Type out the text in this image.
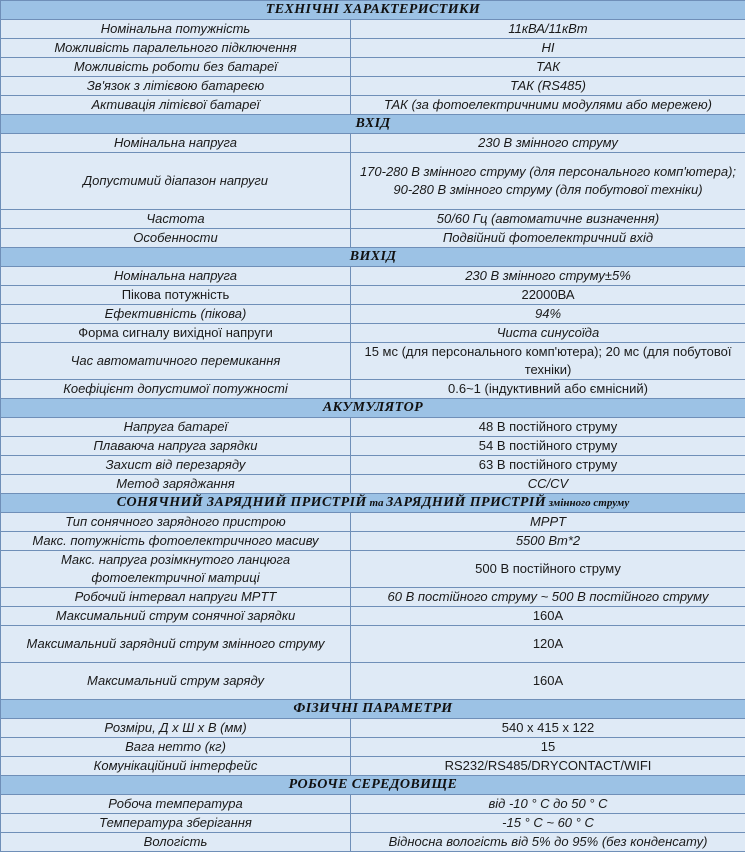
ТЕХНІЧНІ ХАРАКТЕРИСТИКИ	
Номінальна потужність	11кВА/11кВт
Можливість паралельного підключення	НІ
Можливість роботи без батареї	ТАК
Зв'язок з літієвою батареєю	ТАК (RS485)
Активація літієвої батареї	ТАК (за фотоелектричними модулями або мережею)
ВХІД	
Номінальна напруга	230 В змінного струму
Допустимий діапазон напруги	170-280 В змінного струму (для персонального комп'ютера); 90-280 В змінного струму (для побутової техніки)
Частота	50/60 Гц (автоматичне визначення)
Особенности	Подвійний фотоелектричний вхід
ВИХІД	
Номінальна напруга	230 В змінного струму±5%
Пікова потужність	22000ВА
Ефективність (пікова)	94%
Форма сигналу вихідної напруги	Чиста синусоїда
Час автоматичного перемикання	15 мс (для персонального комп'ютера); 20 мс (для побутової техніки)
Коефіцієнт допустимої потужності	0.6~1 (індуктивний або ємнісний)
АКУМУЛЯТОР	
Напруга батареї	48 В постійного струму
Плаваюча напруга зарядки	54 В постійного струму
Захист від перезаряду	63 В постійного струму
Метод заряджання	CC/CV
СОНЯЧНИЙ ЗАРЯДНИЙ ПРИСТРІЙ та ЗАРЯДНИЙ ПРИСТРІЙ змінного струму	
Тип сонячного зарядного пристрою	MPPT
Макс. потужність фотоелектричного масиву	5500 Вт*2
Макс. напруга розімкнутого ланцюга фотоелектричної матриці	500 В постійного струму
Робочий інтервал напруги MPTT	60 В постійного струму ~ 500 В постійного струму
Максимальний струм сонячної зарядки	160А
Максимальний зарядний струм змінного струму	120А
Максимальний струм заряду	160А
ФІЗИЧНІ ПАРАМЕТРИ	
Розміри, Д х Ш х В (мм)	540 x 415 x 122
Вага нетто (кг)	15
Комунікаційний інтерфейс	RS232/RS485/DRYCONTACT/WIFI
РОБОЧЕ СЕРЕДОВИЩЕ	
Робоча температура	від -10 ° С до 50 ° С
Температура зберігання	-15 ° С ~ 60 ° С
Вологість	Відносна вологість від 5% до 95% (без конденсату)
